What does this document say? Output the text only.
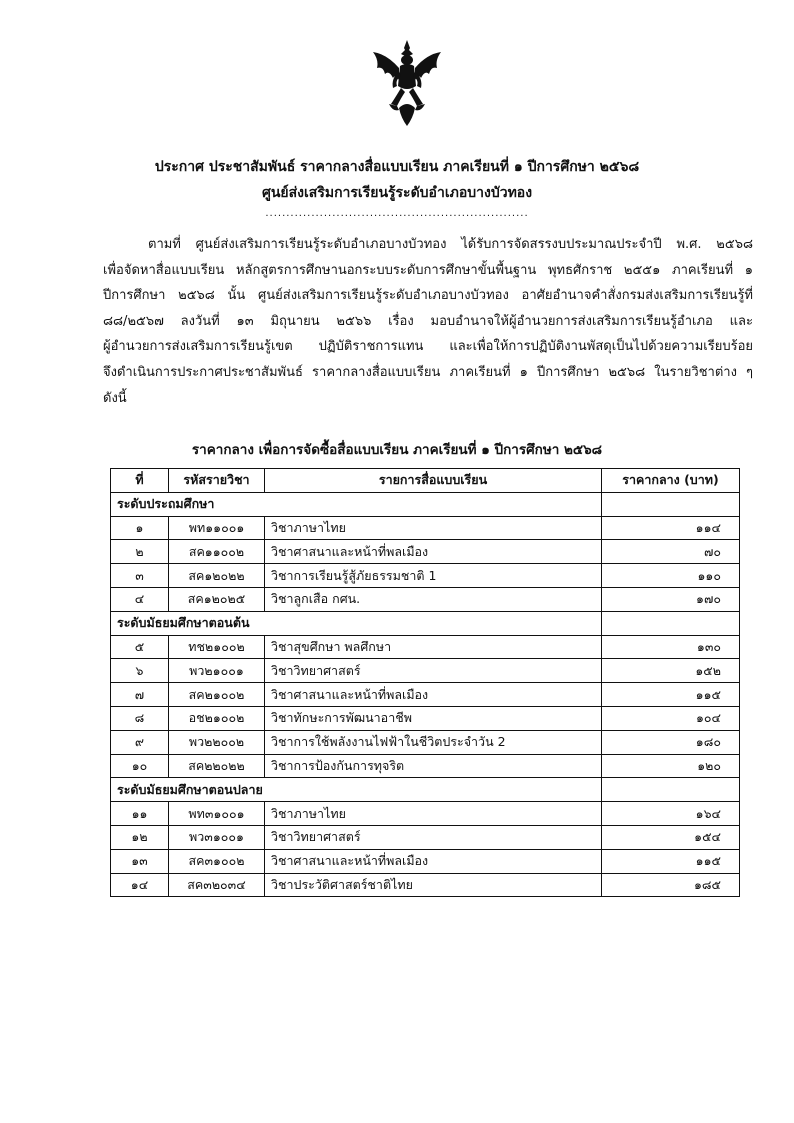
ประกาศ ประชาสัมพันธ์ ราคากลางสื่อแบบเรียน ภาคเรียนที่ ๑ ปีการศึกษา ๒๕๖๘
ศูนย์ส่งเสริมการเรียนรู้ระดับอำเภอบางบัวทอง
...............................................................
ตามที่ ศูนย์ส่งเสริมการเรียนรู้ระดับอำเภอบางบัวทอง ได้รับการจัดสรรงบประมาณประจำปี พ.ศ. ๒๕๖๘
เพื่อจัดหาสื่อแบบเรียน หลักสูตรการศึกษานอกระบบระดับการศึกษาขั้นพื้นฐาน พุทธศักราช ๒๕๕๑ ภาคเรียนที่ ๑
ปีการศึกษา ๒๕๖๘ นั้น ศูนย์ส่งเสริมการเรียนรู้ระดับอำเภอบางบัวทอง อาศัยอำนาจคำสั่งกรมส่งเสริมการเรียนรู้ที่
๘๘/๒๕๖๗ ลงวันที่ ๑๓ มิถุนายน ๒๕๖๖ เรื่อง มอบอำนาจให้ผู้อำนวยการส่งเสริมการเรียนรู้อำเภอ และ
ผู้อำนวยการส่งเสริมการเรียนรู้เขต ปฏิบัติราชการแทน และเพื่อให้การปฏิบัติงานพัสดุเป็นไปด้วยความเรียบร้อย
จึงดำเนินการประกาศประชาสัมพันธ์ ราคากลางสื่อแบบเรียน ภาคเรียนที่ ๑ ปีการศึกษา ๒๕๖๘ ในรายวิชาต่าง ๆ
ดังนี้
ราคากลาง เพื่อการจัดซื้อสื่อแบบเรียน ภาคเรียนที่ ๑ ปีการศึกษา ๒๕๖๘
ที่	รหัสรายวิชา	รายการสื่อแบบเรียน	ราคากลาง (บาท)
ระดับประถมศึกษา			
๑	พท๑๑๐๐๑	วิชาภาษาไทย	๑๑๔
๒	สค๑๑๐๐๒	วิชาศาสนาและหน้าที่พลเมือง	๗๐
๓	สค๑๒๐๒๒	วิชาการเรียนรู้สู้ภัยธรรมชาติ 1	๑๑๐
๔	สค๑๒๐๒๕	วิชาลูกเสือ กศน.	๑๗๐
ระดับมัธยมศึกษาตอนต้น			
๕	ทช๒๑๐๐๒	วิชาสุขศึกษา พลศึกษา	๑๓๐
๖	พว๒๑๐๐๑	วิชาวิทยาศาสตร์	๑๕๒
๗	สค๒๑๐๐๒	วิชาศาสนาและหน้าที่พลเมือง	๑๑๕
๘	อช๒๑๐๐๒	วิชาทักษะการพัฒนาอาชีพ	๑๐๔
๙	พว๒๒๐๐๒	วิชาการใช้พลังงานไฟฟ้าในชีวิตประจำวัน 2	๑๘๐
๑๐	สค๒๒๐๒๒	วิชาการป้องกันการทุจริต	๑๒๐
ระดับมัธยมศึกษาตอนปลาย			
๑๑	พท๓๑๐๐๑	วิชาภาษาไทย	๑๖๔
๑๒	พว๓๑๐๐๑	วิชาวิทยาศาสตร์	๑๕๔
๑๓	สค๓๑๐๐๒	วิชาศาสนาและหน้าที่พลเมือง	๑๑๕
๑๔	สค๓๒๐๓๔	วิชาประวัติศาสตร์ชาติไทย	๑๘๕
